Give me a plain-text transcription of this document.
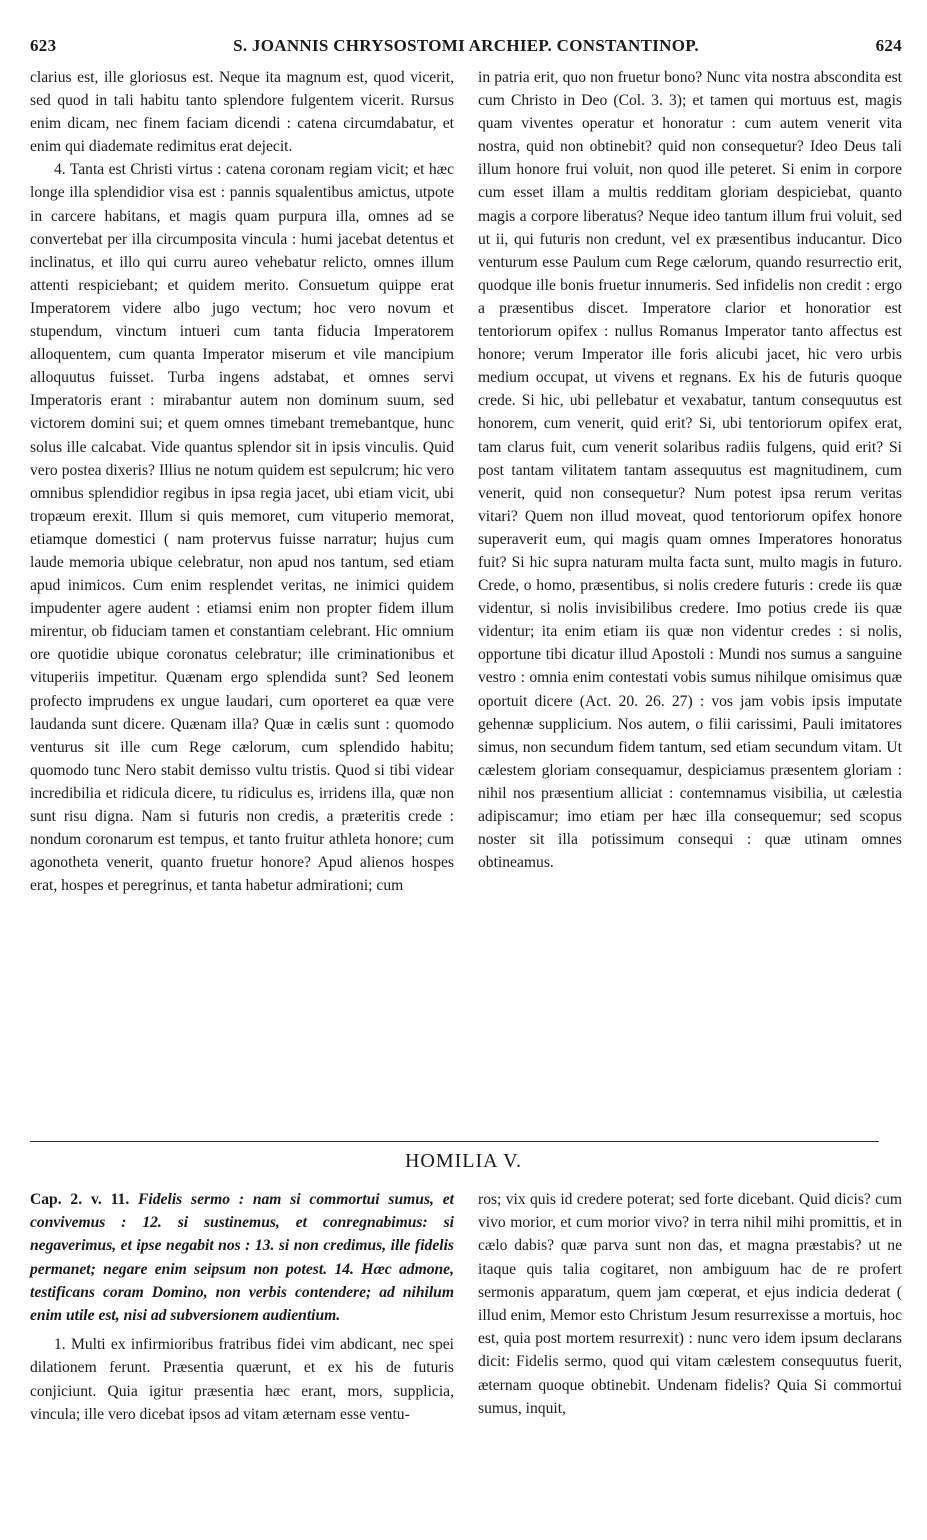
623	S. JOANNIS CHRYSOSTOMI ARCHIEP. CONSTANTINOP.	624

clarius est, ille gloriosus est. Neque ita magnum est, quod vicerit, sed quod in tali habitu tanto splendore fulgentem vicerit. Rursus enim dicam, nec finem faciam dicendi : catena circumdabatur, et enim qui diademate redimitus erat dejecit.

4. Tanta est Christi virtus : catena coronam regiam vicit; et hæc longe illa splendidior visa est : pannis squalentibus amictus, utpote in carcere habitans, et magis quam purpura illa, omnes ad se convertebat per illa circumposita vincula : humi jacebat detentus et inclinatus, et illo qui curru aureo vehebatur relicto, omnes illum attenti respiciebant; et quidem merito. Consuetum quippe erat Imperatorem videre albo jugo vectum; hoc vero novum et stupendum, vinctum intueri cum tanta fiducia Imperatorem alloquentem, cum quanta Imperator miserum et vile mancipium alloquutus fuisset. Turba ingens adstabat, et omnes servi Imperatoris erant : mirabantur autem non dominum suum, sed victorem domini sui; et quem omnes timebant tremebantque, hunc solus ille calcabat. Vide quantus splendor sit in ipsis vinculis. Quid vero postea dixeris? Illius ne notum quidem est sepulcrum; hic vero omnibus splendidior regibus in ipsa regia jacet, ubi etiam vicit, ubi tropæum erexit. Illum si quis memoret, cum vituperio memorat, etiamque domestici ( nam protervus fuisse narratur; hujus cum laude memoria ubique celebratur, non apud nos tantum, sed etiam apud inimicos. Cum enim resplendet veritas, ne inimici quidem impudenter agere audent : etiamsi enim non propter fidem illum mirentur, ob fiduciam tamen et constantiam celebrant. Hic omnium ore quotidie ubique coronatus celebratur; ille criminationibus et vituperiis impetitur. Quænam ergo splendida sunt? Sed leonem profecto imprudens ex ungue laudari, cum oporteret ea quæ vere laudanda sunt dicere. Quænam illa? Quæ in cælis sunt : quomodo venturus sit ille cum Rege cælorum, cum splendido habitu; quomodo tunc Nero stabit demisso vultu tristis. Quod si tibi videar incredibilia et ridicula dicere, tu ridiculus es, irridens illa, quæ non sunt risu digna. Nam si futuris non credis, a præteritis crede : nondum coronarum est tempus, et tanto fruitur athleta honore; cum agonotheta venerit, quanto fruetur honore? Apud alienos hospes erat, hospes et peregrinus, et tanta habetur admirationi; cum

in patria erit, quo non fruetur bono? Nunc vita nostra abscondita est cum Christo in Deo (Col. 3. 3); et tamen qui mortuus est, magis quam viventes operatur et honoratur : cum autem venerit vita nostra, quid non obtinebit? quid non consequetur? Ideo Deus tali illum honore frui voluit, non quod ille peteret. Si enim in corpore cum esset illam a multis redditam gloriam despiciebat, quanto magis a corpore liberatus? Neque ideo tantum illum frui voluit, sed ut ii, qui futuris non credunt, vel ex præsentibus inducantur. Dico venturum esse Paulum cum Rege cælorum, quando resurrectio erit, quodque ille bonis fruetur innumeris. Sed infidelis non credit : ergo a præsentibus discet. Imperatore clarior et honoratior est tentoriorum opifex : nullus Romanus Imperator tanto affectus est honore; verum Imperator ille foris alicubi jacet, hic vero urbis medium occupat, ut vivens et regnans. Ex his de futuris quoque crede. Si hic, ubi pellebatur et vexabatur, tantum consequutus est honorem, cum venerit, quid erit? Si, ubi tentoriorum opifex erat, tam clarus fuit, cum venerit solaribus radiis fulgens, quid erit? Si post tantam vilitatem tantam assequutus est magnitudinem, cum venerit, quid non consequetur? Num potest ipsa rerum veritas vitari? Quem non illud moveat, quod tentoriorum opifex honore superaverit eum, qui magis quam omnes Imperatores honoratus fuit? Si hic supra naturam multa facta sunt, multo magis in futuro. Crede, o homo, præsentibus, si nolis credere futuris : crede iis quæ videntur, si nolis invisibilibus credere. Imo potius crede iis quæ videntur; ita enim etiam iis quæ non videntur credes : si nolis, opportune tibi dicatur illud Apostoli : Mundi nos sumus a sanguine vestro : omnia enim contestati vobis sumus nihilque omisimus quæ oportuit dicere (Act. 20. 26. 27) : vos jam vobis ipsis imputate gehennæ supplicium. Nos autem, o filii carissimi, Pauli imitatores simus, non secundum fidem tantum, sed etiam secundum vitam. Ut cælestem gloriam consequamur, despiciamus præsentem gloriam : nihil nos præsentium alliciat : contemnamus visibilia, ut cælestia adipiscamur; imo etiam per hæc illa consequemur; sed scopus noster sit illa potissimum consequi : quæ utinam omnes obtineamus.

HOMILIA V.

Cap. 2. v. 11. Fidelis sermo : nam si commortui sumus, et convivemus : 12. si sustinemus, et conregnabimus: si negaverimus, et ipse negabit nos : 13. si non credimus, ille fidelis permanet; negare enim seipsum non potest. 14. Hæc admone, testificans coram Domino, non verbis contendere; ad nihilum enim utile est, nisi ad subversionem audientium.

1. Multi ex infirmioribus fratribus fidei vim abdicant, nec spei dilationem ferunt. Præsentia quærunt, et ex his de futuris conjiciunt. Quia igitur præsentia hæc erant, mors, supplicia, vincula; ille vero dicebat ipsos ad vitam æternam esse ventu-

ros; vix quis id credere poterat; sed forte dicebant. Quid dicis? cum vivo morior, et cum morior vivo? in terra nihil mihi promittis, et in cælo dabis? quæ parva sunt non das, et magna præstabis? ut ne itaque quis talia cogitaret, non ambiguum hac de re profert sermonis apparatum, quem jam cœperat, et ejus indicia dederat ( illud enim, Memor esto Christum Jesum resurrexisse a mortuis, hoc est, quia post mortem resurrexit) : nunc vero idem ipsum declarans dicit: Fidelis sermo, quod qui vitam cælestem consequutus fuerit, æternam quoque obtinebit. Undenam fidelis? Quia Si commortui sumus, inquit,
